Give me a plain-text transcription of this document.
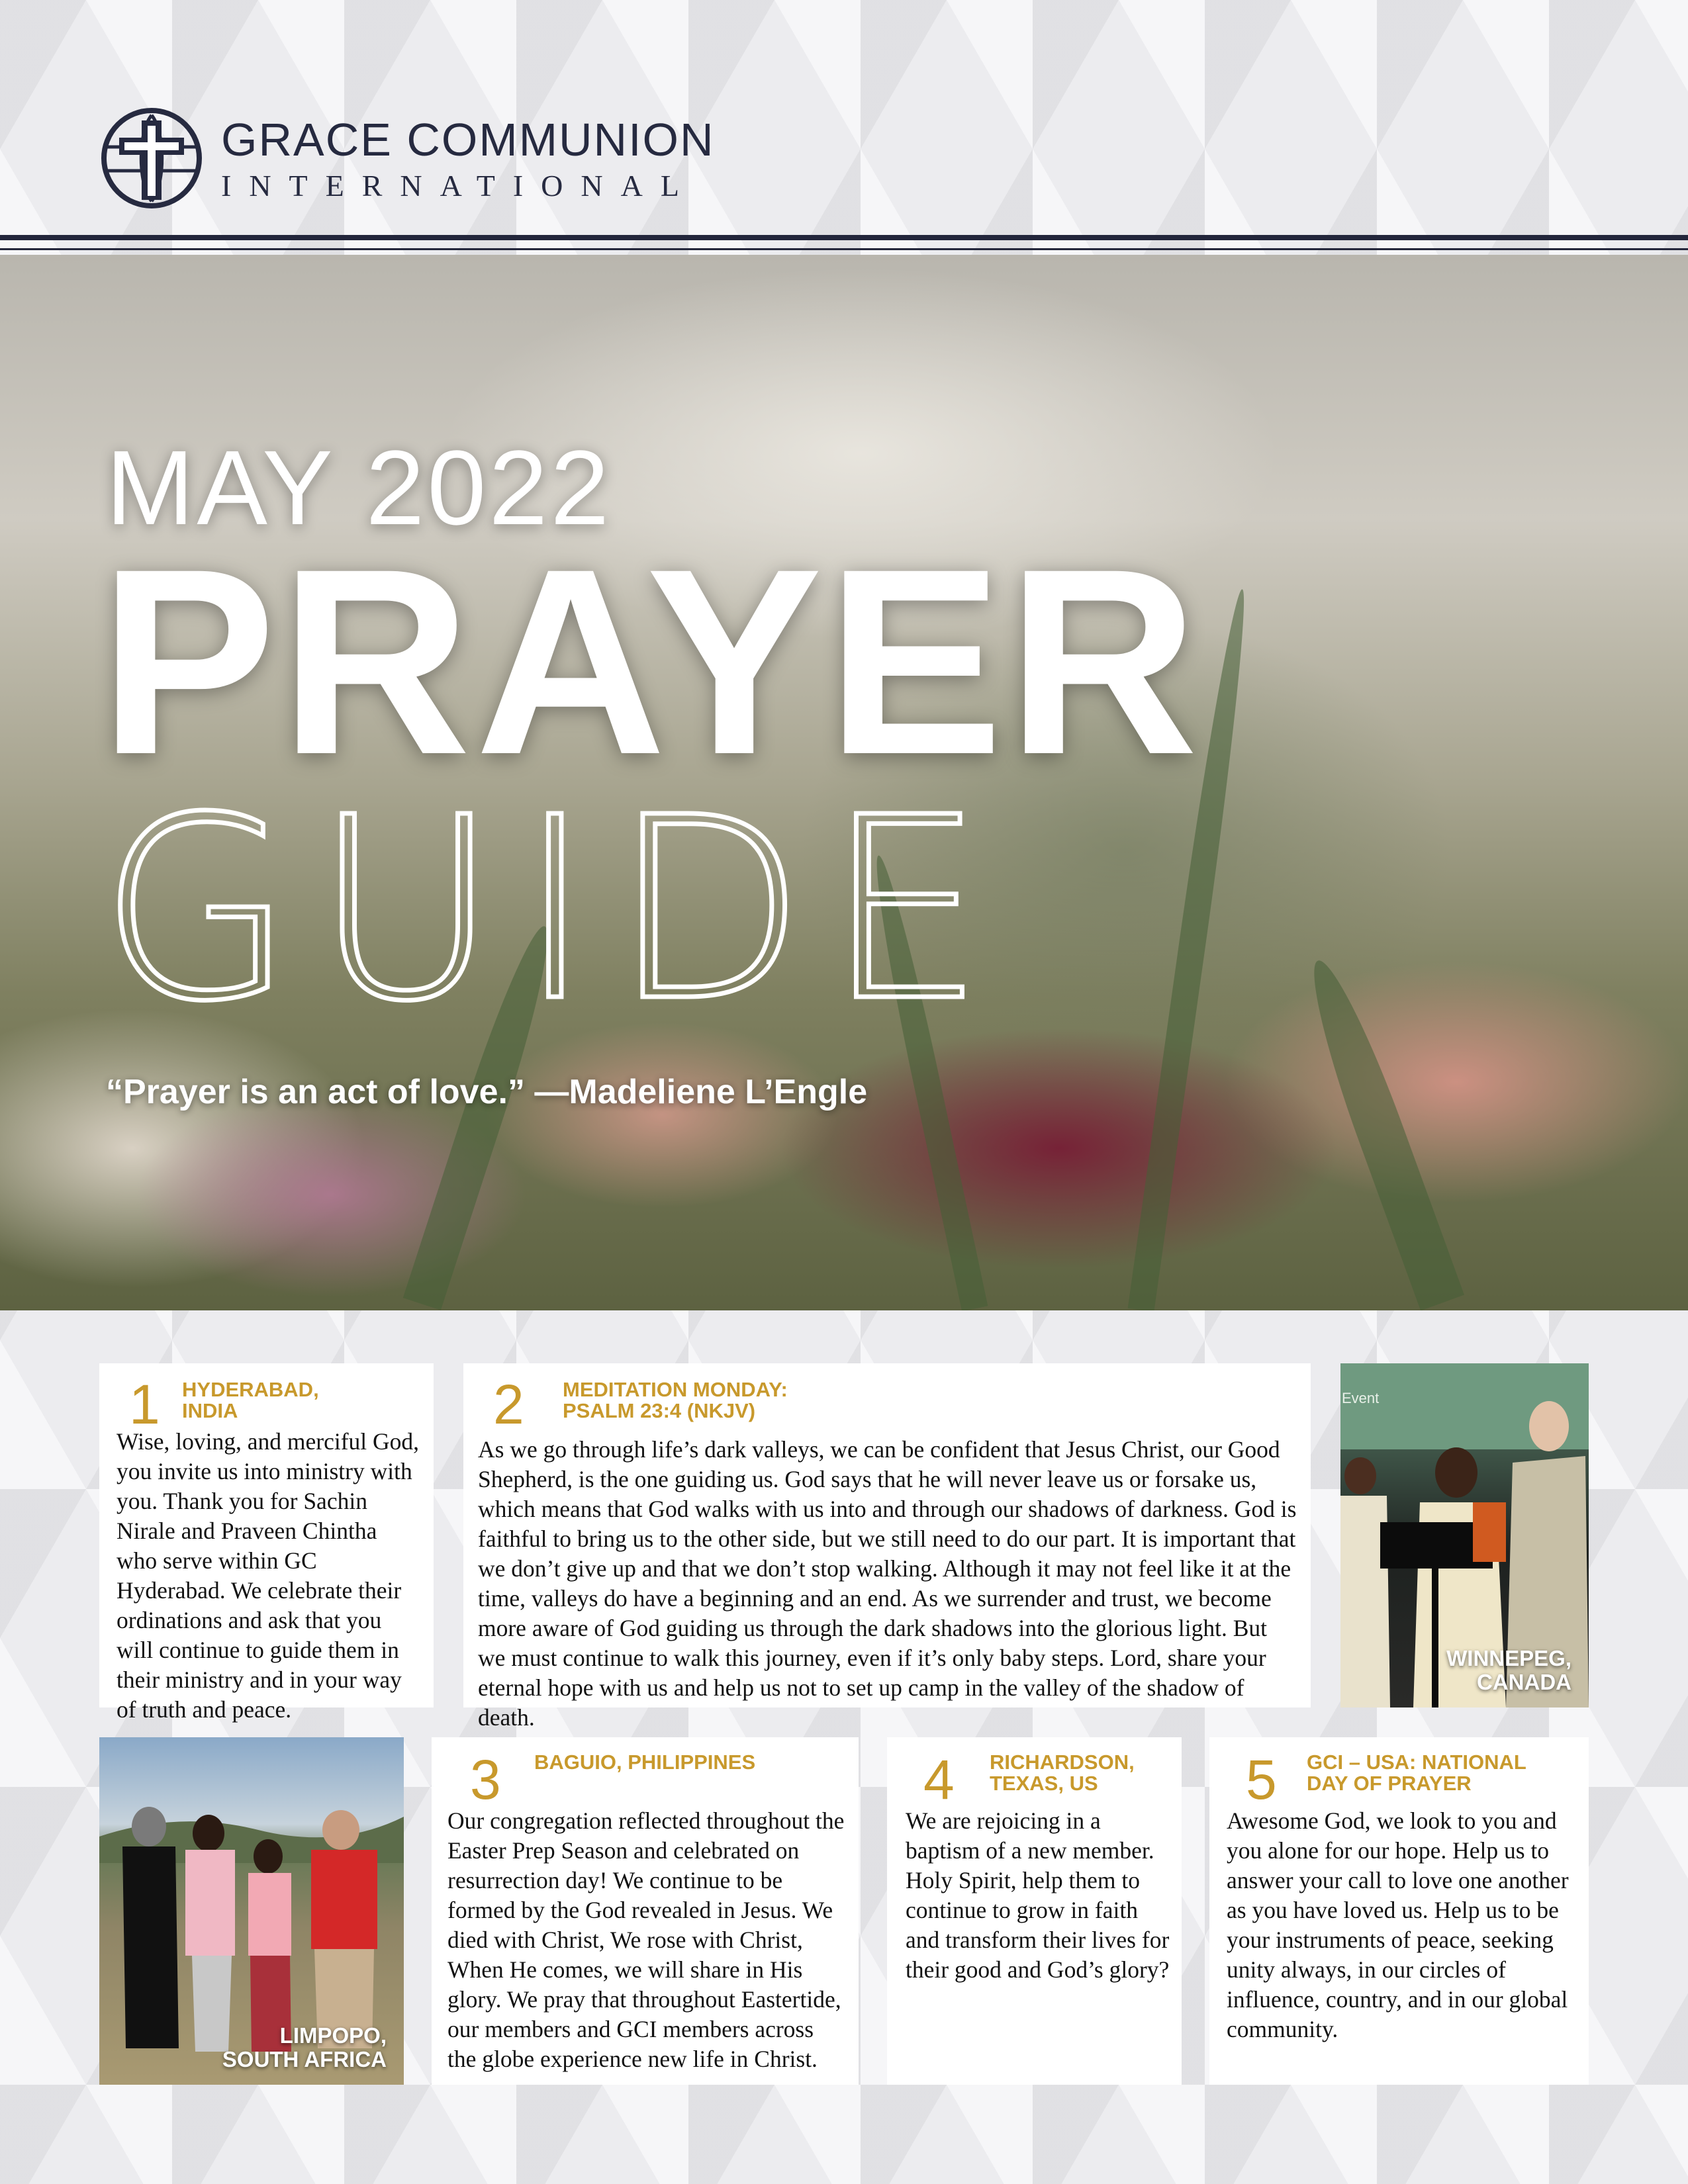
GRACE COMMUNION
INTERNATIONAL
MAY 2022
PRAYER
GUIDE
“Prayer is an act of love.” —Madeliene L’Engle
1 HYDERABAD,
INDIA
Wise, loving, and merciful God, you invite us into ministry with you. Thank you for Sachin Nirale and Praveen Chintha who serve within GC Hyderabad. We celebrate their ordinations and ask that you will continue to guide them in their ministry and in your way of truth and peace.
2 MEDITATION MONDAY:
PSALM 23:4 (NKJV)
As we go through life’s dark valleys, we can be confident that Jesus Christ, our Good Shepherd, is the one guiding us. God says that he will never leave us or forsake us, which means that God walks with us into and through our shadows of darkness. God is faithful to bring us to the other side, but we still need to do our part. It is important that we don’t give up and that we don’t stop walking. Although it may not feel like it at the time, valleys do have a beginning and an end. As we surrender and trust, we become more aware of God guiding us through the dark shadows into the glorious light. But we must continue to walk this journey, even if it’s only baby steps. Lord, share your eternal hope with us and help us not to set up camp in the valley of the shadow of death.
Event
WINNEPEG,
CANADA
LIMPOPO,
SOUTH AFRICA
3 BAGUIO, PHILIPPINES
Our congregation reflected throughout the Easter Prep Season and celebrated on resurrection day! We continue to be formed by the God revealed in Jesus. We died with Christ, We rose with Christ, When He comes, we will share in His glory. We pray that throughout Eastertide, our members and GCI members across the globe experience new life in Christ.
4 RICHARDSON,
TEXAS, US
We are rejoicing in a baptism of a new member. Holy Spirit, help them to continue to grow in faith and transform their lives for their good and God’s glory?
5 GCI – USA: NATIONAL
DAY OF PRAYER
Awesome God, we look to you and you alone for our hope. Help us to answer your call to love one another as you have loved us. Help us to be your instruments of peace, seeking unity always, in our circles of influence, country, and in our global community.
